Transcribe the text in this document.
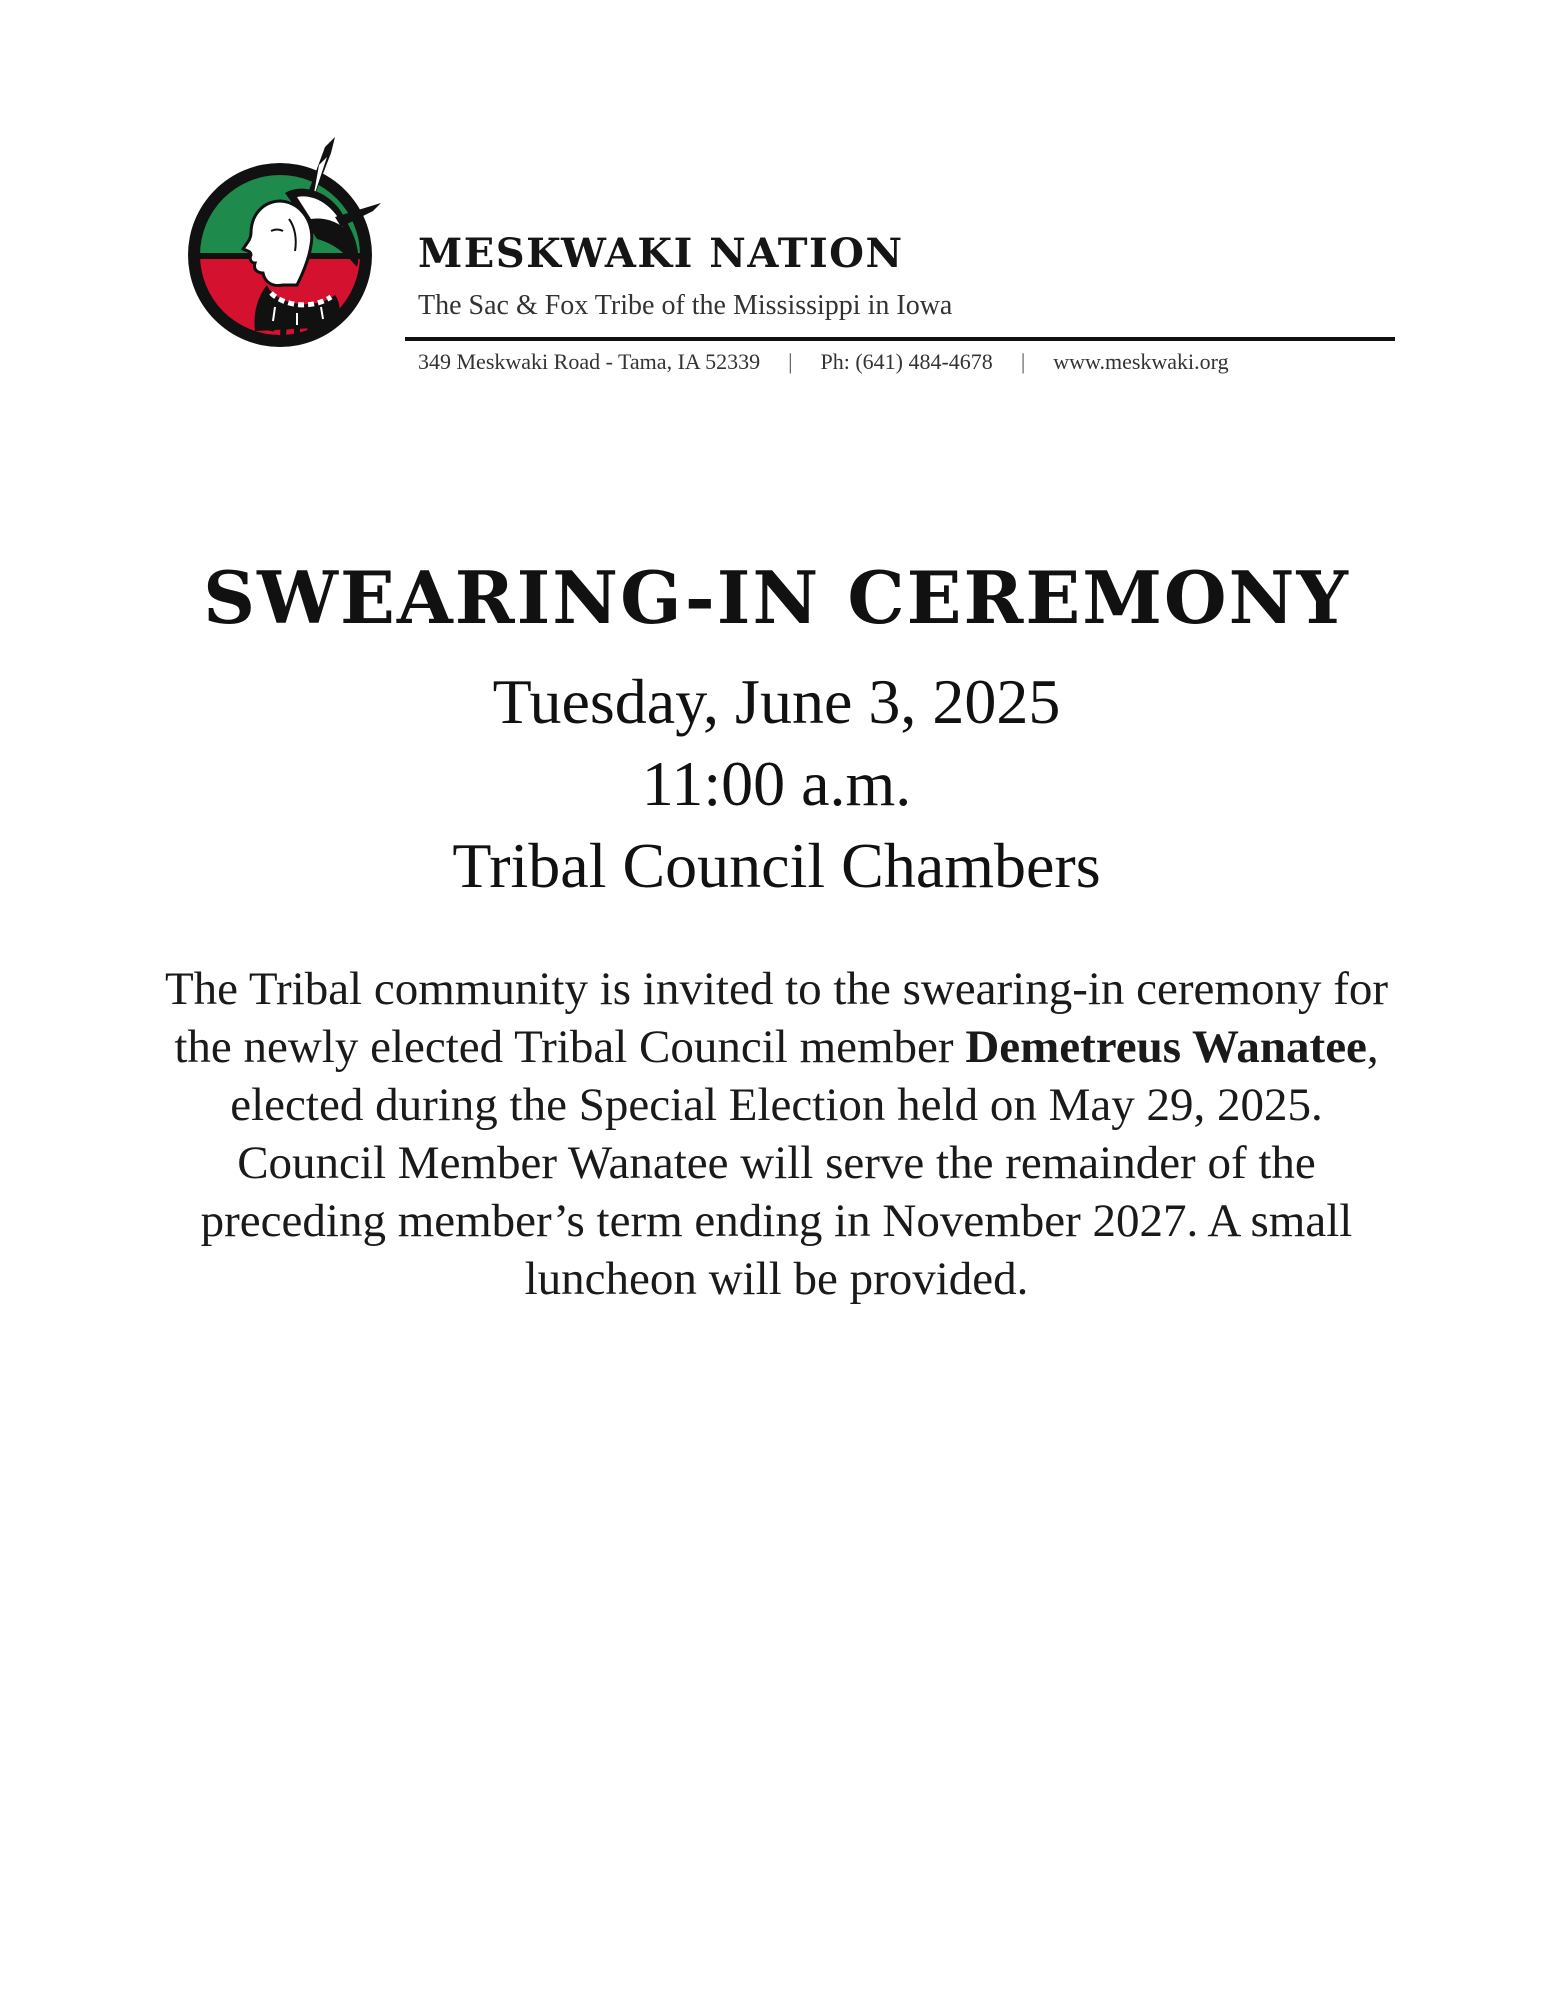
MESKWAKI NATION
The Sac & Fox Tribe of the Mississippi in Iowa
349 Meskwaki Road - Tama, IA 52339 | Ph: (641) 484-4678 | www.meskwaki.org
SWEARING-IN CEREMONY
Tuesday, June 3, 2025
11:00 a.m.
Tribal Council Chambers
The Tribal community is invited to the swearing-in ceremony for the newly elected Tribal Council member Demetreus Wanatee, elected during the Special Election held on May 29, 2025. Council Member Wanatee will serve the remainder of the preceding member’s term ending in November 2027. A small luncheon will be provided.
